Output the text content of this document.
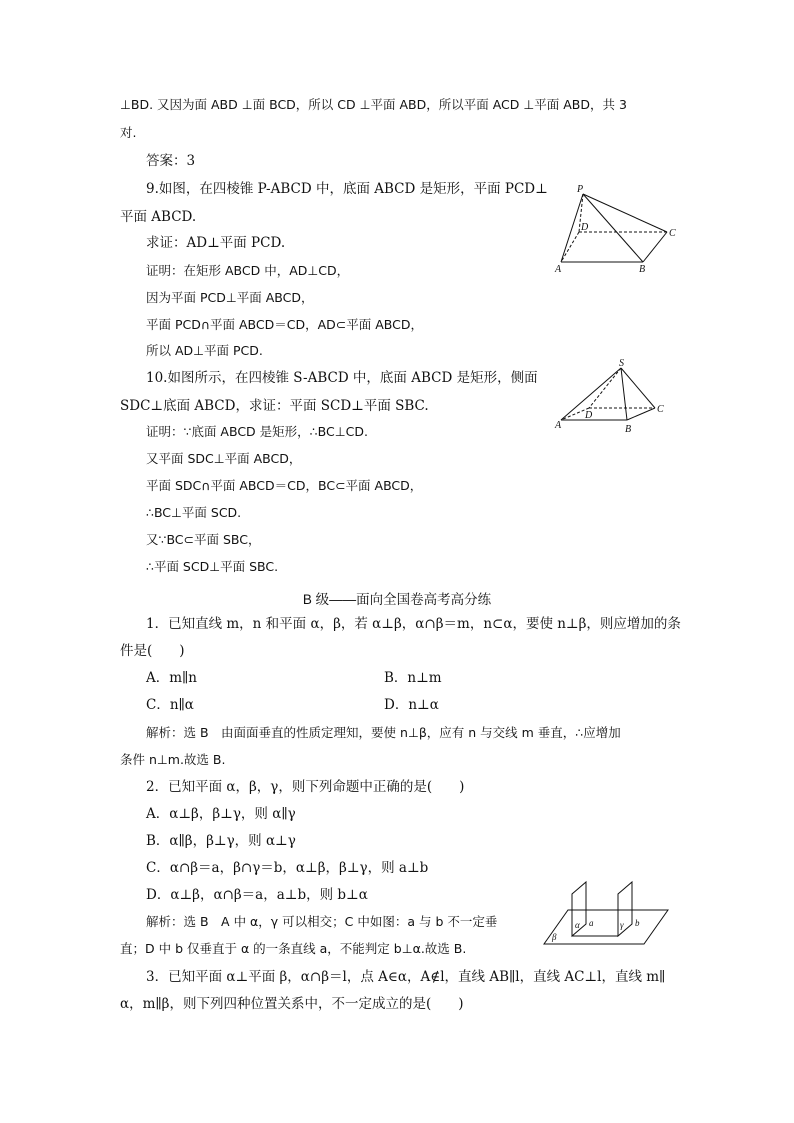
⊥BD. 又因为面 ABD ⊥面 BCD，所以 CD ⊥平面 ABD，所以平面 ACD ⊥平面 ABD，共 3
对.
答案：3
9.如图，在四棱锥 P-ABCD 中，底面 ABCD 是矩形，平面 PCD⊥
平面 ABCD.
求证：AD⊥平面 PCD.
证明：在矩形 ABCD 中，AD⊥CD，
因为平面 PCD⊥平面 ABCD，
平面 PCD∩平面 ABCD＝CD，AD⊂平面 ABCD，
所以 AD⊥平面 PCD.
P
D
C
A	B
10.如图所示，在四棱锥 S-ABCD 中，底面 ABCD 是矩形，侧面
SDC⊥底面 ABCD，求证：平面 SCD⊥平面 SBC.
证明：∵底面 ABCD 是矩形，∴BC⊥CD.
又平面 SDC⊥平面 ABCD，
平面 SDC∩平面 ABCD＝CD，BC⊂平面 ABCD，
∴BC⊥平面 SCD.
又∵BC⊂平面 SBC，
∴平面 SCD⊥平面 SBC.
S
D
C
A	B
B 级——面向全国卷高考高分练
1．已知直线 m，n 和平面 α，β，若 α⊥β，α∩β＝m，n⊂α，要使 n⊥β，则应增加的条
件是(　　)
A．m∥n	B．n⊥m
C．n∥α	D．n⊥α
解析：选 B　由面面垂直的性质定理知，要使 n⊥β，应有 n 与交线 m 垂直，∴应增加
条件 n⊥m.故选 B.
2．已知平面 α，β，γ，则下列命题中正确的是(　　)
A．α⊥β，β⊥γ，则 α∥γ
B．α∥β，β⊥γ，则 α⊥γ
C．α∩β＝a，β∩γ＝b，α⊥β，β⊥γ，则 a⊥b
D．α⊥β，α∩β＝a，a⊥b，则 b⊥α
解析：选 B　A 中 α，γ 可以相交；C 中如图：a 与 b 不一定垂
直；D 中 b 仅垂直于 α 的一条直线 a，不能判定 b⊥α.故选 B.
β
α a	γ b
3．已知平面 α⊥平面 β，α∩β＝l，点 A∈α，A∉l，直线 AB∥l，直线 AC⊥l，直线 m∥
α，m∥β，则下列四种位置关系中，不一定成立的是(　　)
